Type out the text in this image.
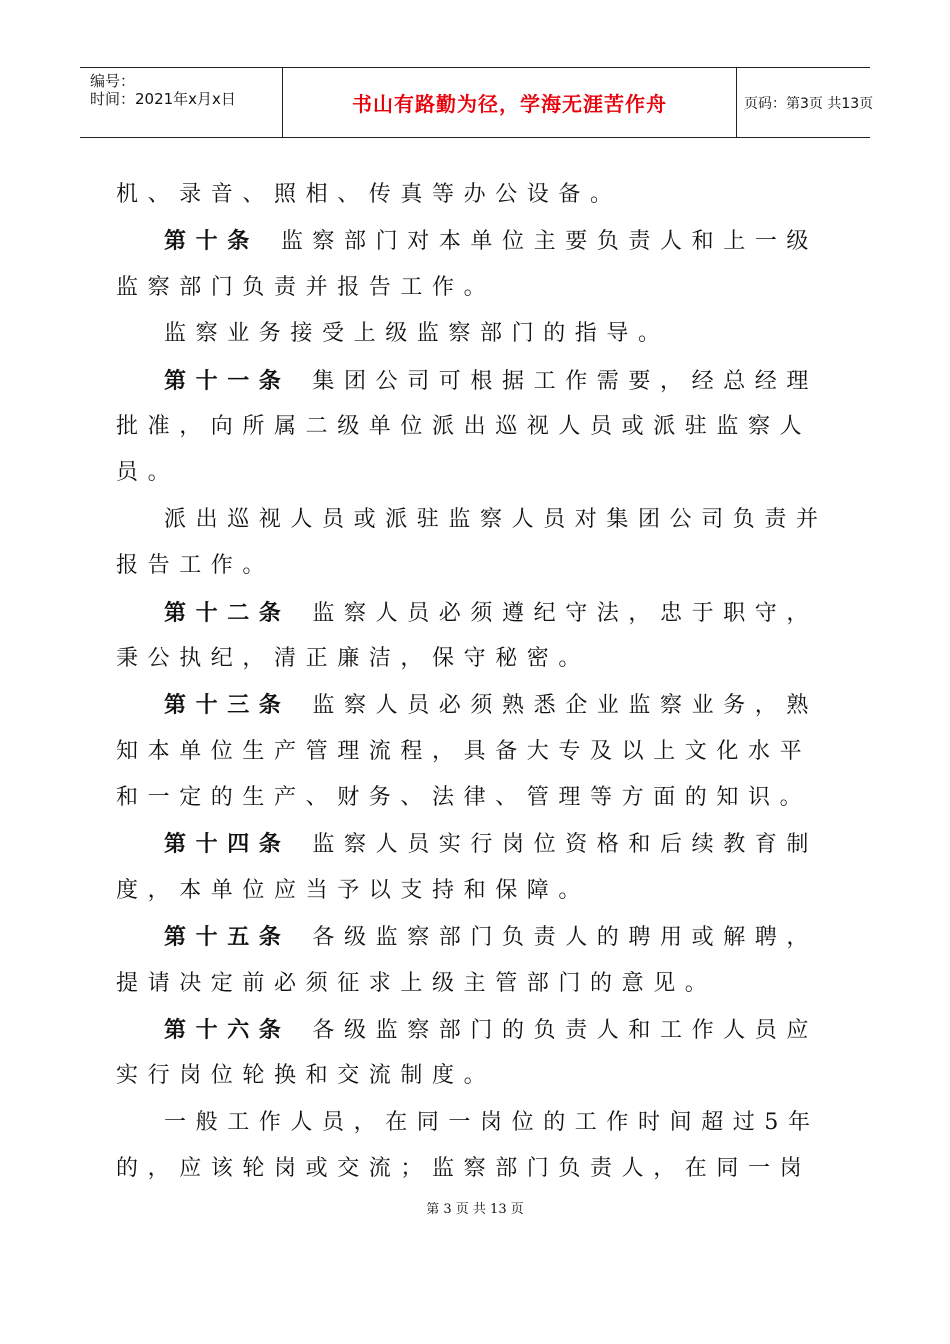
编号：
时间：2021年x月x日	书山有路勤为径，学海无涯苦作舟	页码：第3页 共13页
机、录音、照相、传真等办公设备。
第十条 监察部门对本单位主要负责人和上一级
监察部门负责并报告工作。
监察业务接受上级监察部门的指导。
第十一条 集团公司可根据工作需要，经总经理
批准，向所属二级单位派出巡视人员或派驻监察人
员。
派出巡视人员或派驻监察人员对集团公司负责并
报告工作。
第十二条 监察人员必须遵纪守法，忠于职守，
秉公执纪，清正廉洁，保守秘密。
第十三条 监察人员必须熟悉企业监察业务，熟
知本单位生产管理流程，具备大专及以上文化水平
和一定的生产、财务、法律、管理等方面的知识。
第十四条 监察人员实行岗位资格和后续教育制
度，本单位应当予以支持和保障。
第十五条 各级监察部门负责人的聘用或解聘，
提请决定前必须征求上级主管部门的意见。
第十六条 各级监察部门的负责人和工作人员应
实行岗位轮换和交流制度。
一般工作人员，在同一岗位的工作时间超过5年
的，应该轮岗或交流；监察部门负责人，在同一岗
第 3 页 共 13 页
